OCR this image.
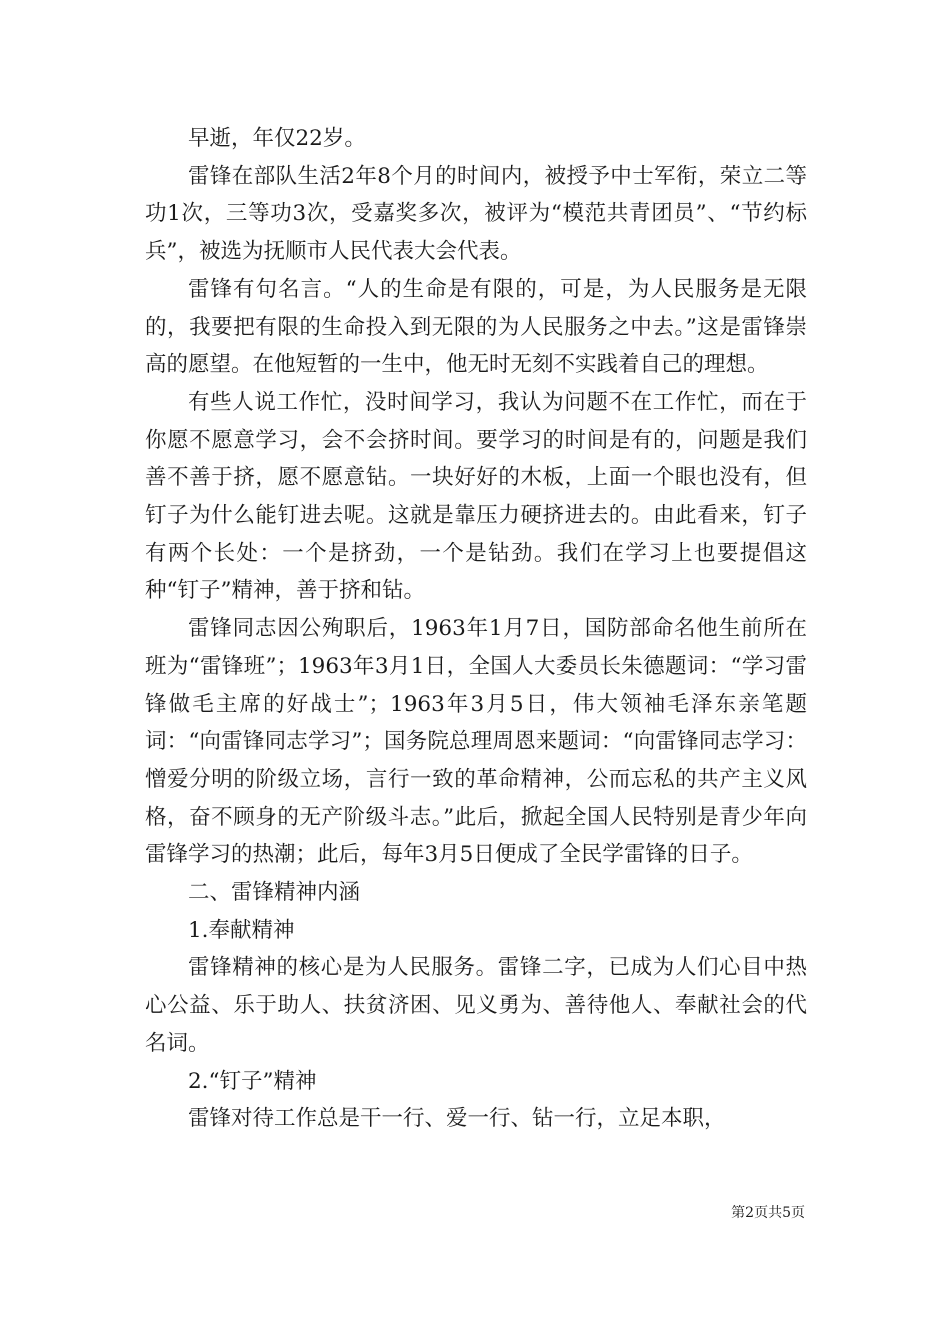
早逝，年仅22岁。

雷锋在部队生活2年8个月的时间内，被授予中士军衔，荣立二等功1次，三等功3次，受嘉奖多次，被评为“模范共青团员”、“节约标兵”，被选为抚顺市人民代表大会代表。

雷锋有句名言。“人的生命是有限的，可是，为人民服务是无限的，我要把有限的生命投入到无限的为人民服务之中去。”这是雷锋崇高的愿望。在他短暂的一生中，他无时无刻不实践着自己的理想。

有些人说工作忙，没时间学习，我认为问题不在工作忙，而在于你愿不愿意学习，会不会挤时间。要学习的时间是有的，问题是我们善不善于挤，愿不愿意钻。一块好好的木板，上面一个眼也没有，但钉子为什么能钉进去呢。这就是靠压力硬挤进去的。由此看来，钉子有两个长处：一个是挤劲，一个是钻劲。我们在学习上也要提倡这种“钉子”精神，善于挤和钻。

雷锋同志因公殉职后，1963年1月7日，国防部命名他生前所在班为“雷锋班”；1963年3月1日，全国人大委员长朱德题词：“学习雷锋做毛主席的好战士”；1963年3月5日，伟大领袖毛泽东亲笔题词：“向雷锋同志学习”；国务院总理周恩来题词：“向雷锋同志学习：憎爱分明的阶级立场，言行一致的革命精神，公而忘私的共产主义风格，奋不顾身的无产阶级斗志。”此后，掀起全国人民特别是青少年向雷锋学习的热潮；此后，每年3月5日便成了全民学雷锋的日子。

二、雷锋精神内涵

1.奉献精神

雷锋精神的核心是为人民服务。雷锋二字，已成为人们心目中热心公益、乐于助人、扶贫济困、见义勇为、善待他人、奉献社会的代名词。

2.“钉子”精神

雷锋对待工作总是干一行、爱一行、钻一行，立足本职，

第2页共5页
